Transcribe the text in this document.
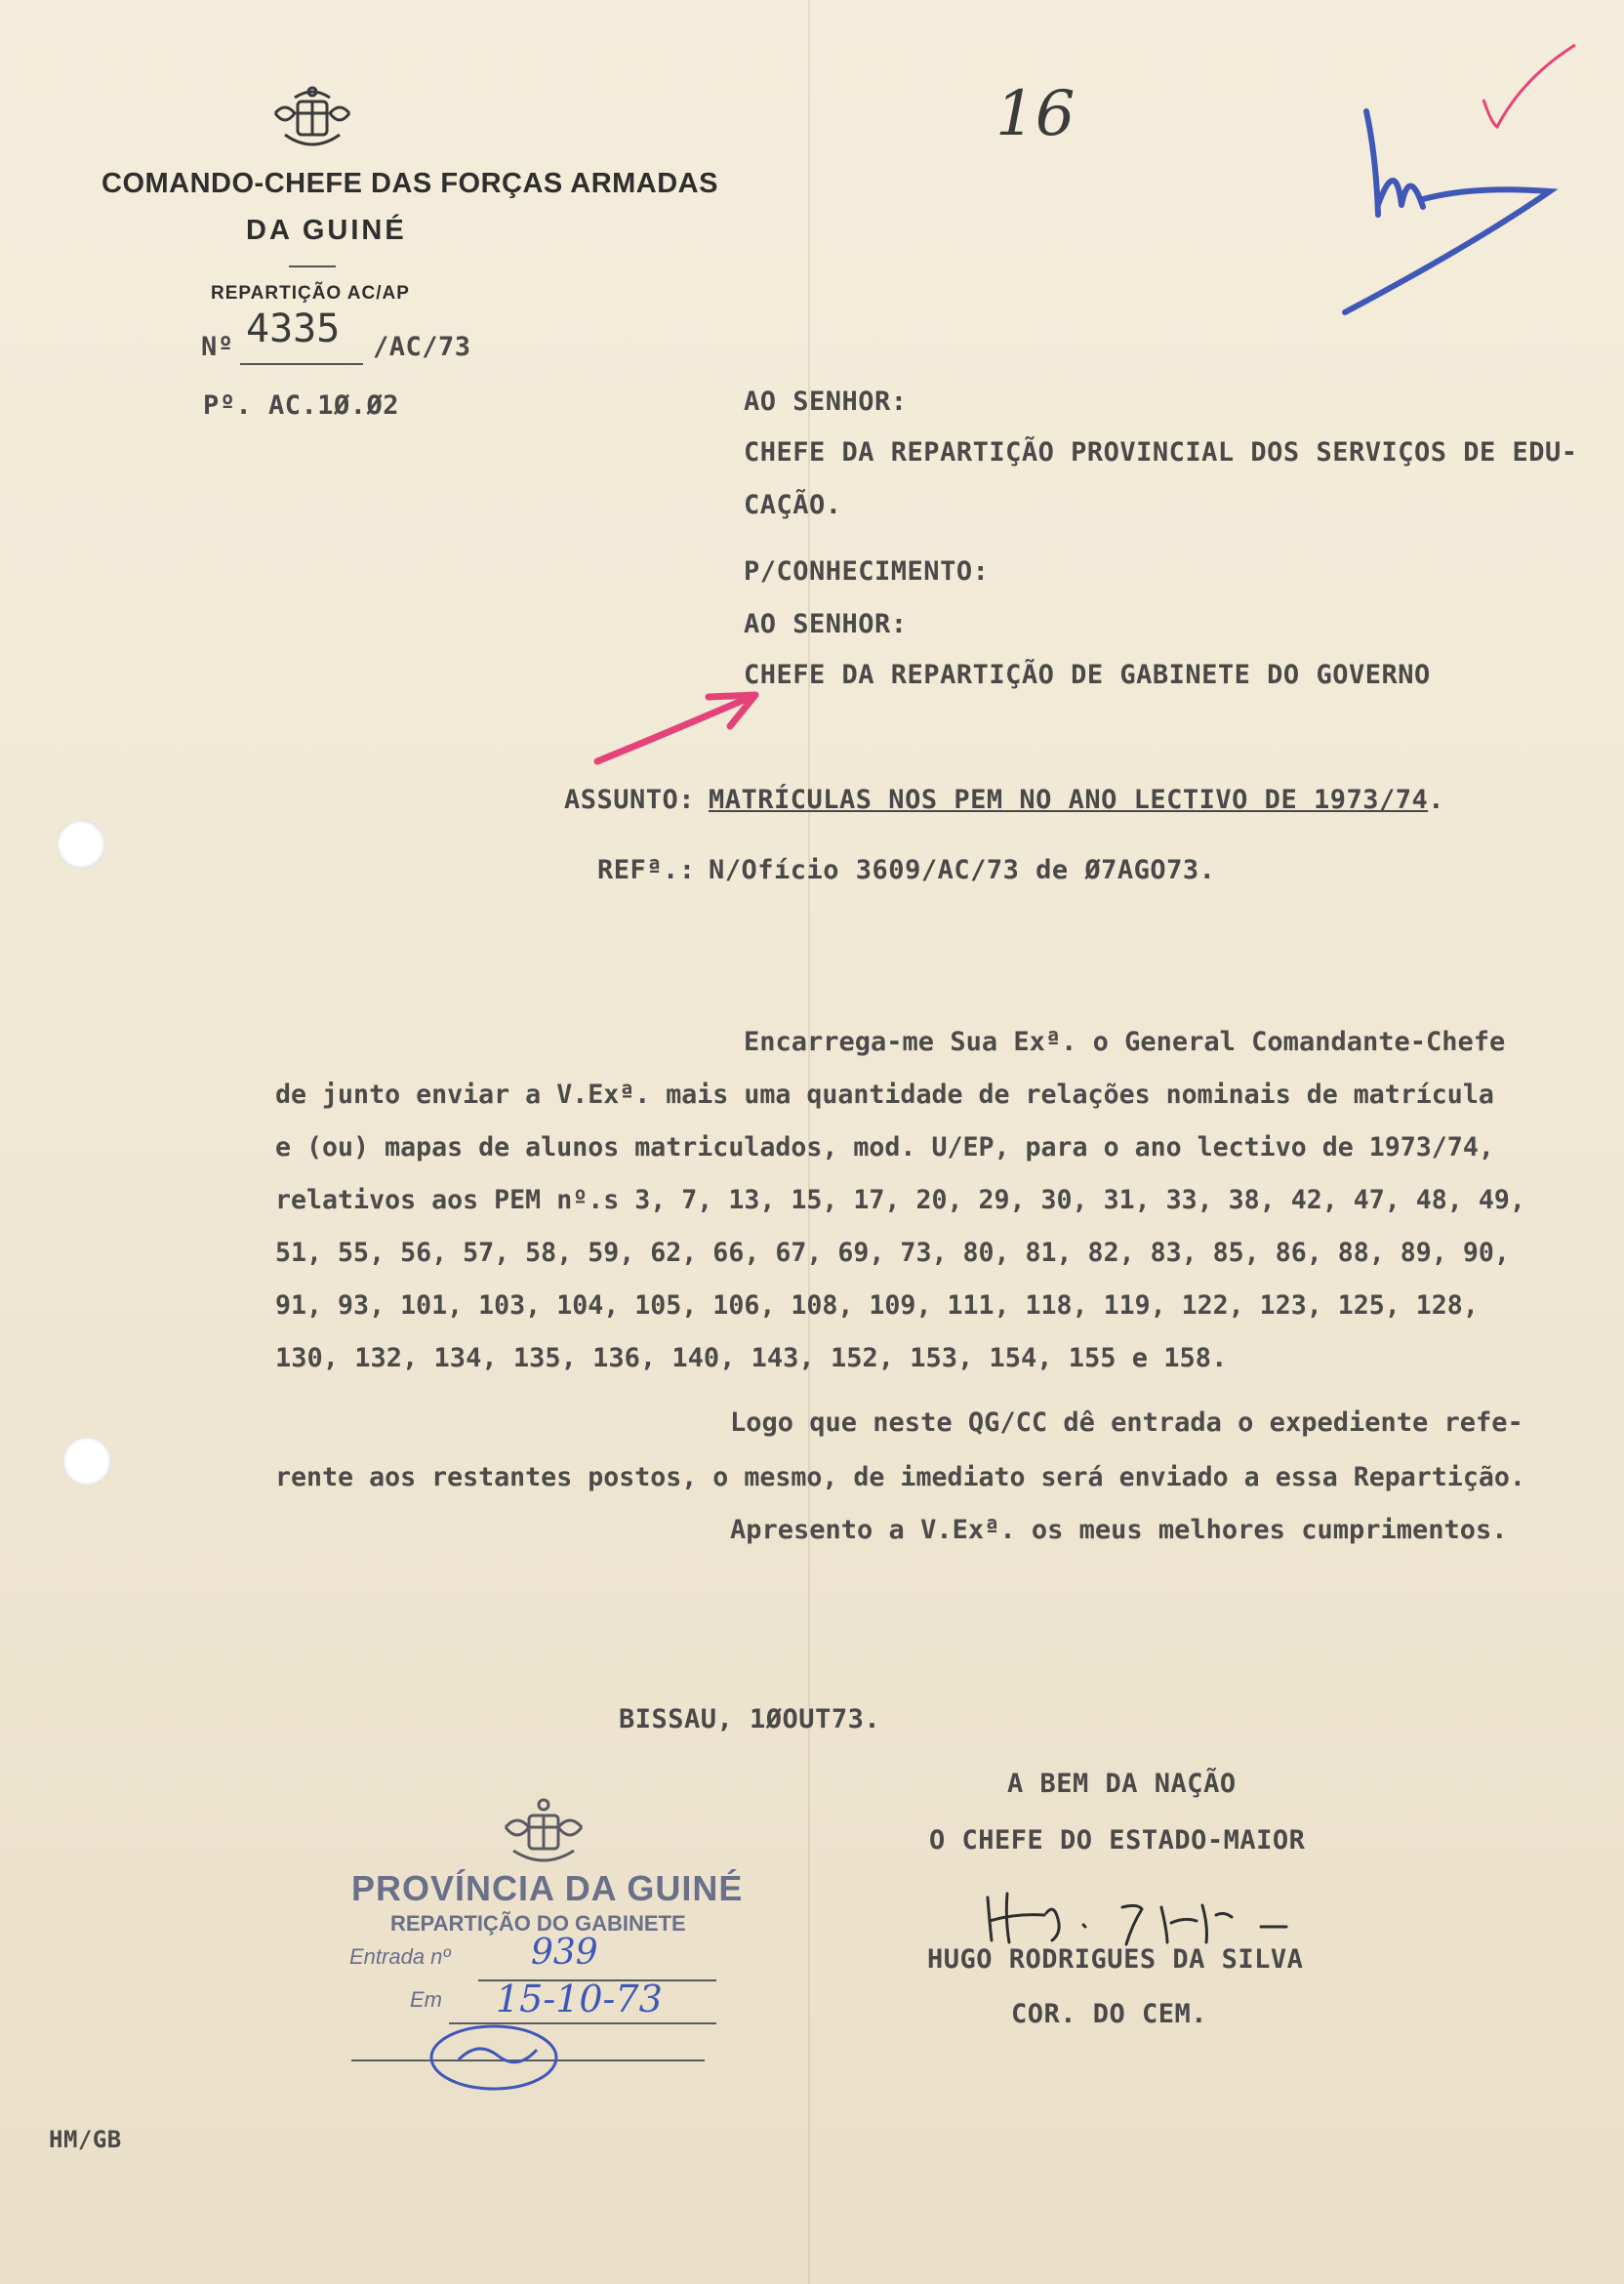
COMANDO-CHEFE DAS FORÇAS ARMADAS
DA GUINÉ
REPARTIÇÃO AC/AP
Nº 4335 /AC/73
Pº. AC.1Ø.Ø2
16
AO SENHOR:
CHEFE DA REPARTIÇÃO PROVINCIAL DOS SERVIÇOS DE EDU-
CAÇÃO.
P/CONHECIMENTO:
AO SENHOR:
CHEFE DA REPARTIÇÃO DE GABINETE DO GOVERNO
ASSUNTO: MATRÍCULAS NOS PEM NO ANO LECTIVO DE 1973/74.
REFª.: N/Ofício 3609/AC/73 de Ø7AGO73.
Encarrega-me Sua Exª. o General Comandante-Chefe
de junto enviar a V.Exª. mais uma quantidade de relações nominais de matrícula
e (ou) mapas de alunos matriculados, mod. U/EP, para o ano lectivo de 1973/74,
relativos aos PEM nº.s 3, 7, 13, 15, 17, 20, 29, 30, 31, 33, 38, 42, 47, 48, 49,
51, 55, 56, 57, 58, 59, 62, 66, 67, 69, 73, 80, 81, 82, 83, 85, 86, 88, 89, 90,
91, 93, 101, 103, 104, 105, 106, 108, 109, 111, 118, 119, 122, 123, 125, 128,
130, 132, 134, 135, 136, 140, 143, 152, 153, 154, 155 e 158.
Logo que neste QG/CC dê entrada o expediente refe-
rente aos restantes postos, o mesmo, de imediato será enviado a essa Repartição.
Apresento a V.Exª. os meus melhores cumprimentos.
BISSAU, 1ØOUT73.
A BEM DA NAÇÃO
O CHEFE DO ESTADO-MAIOR
HUGO RODRIGUES DA SILVA
COR. DO CEM.
PROVÍNCIA DA GUINÉ
REPARTIÇÃO DO GABINETE
Entrada nº 939
Em 15-10-73
HM/GB
